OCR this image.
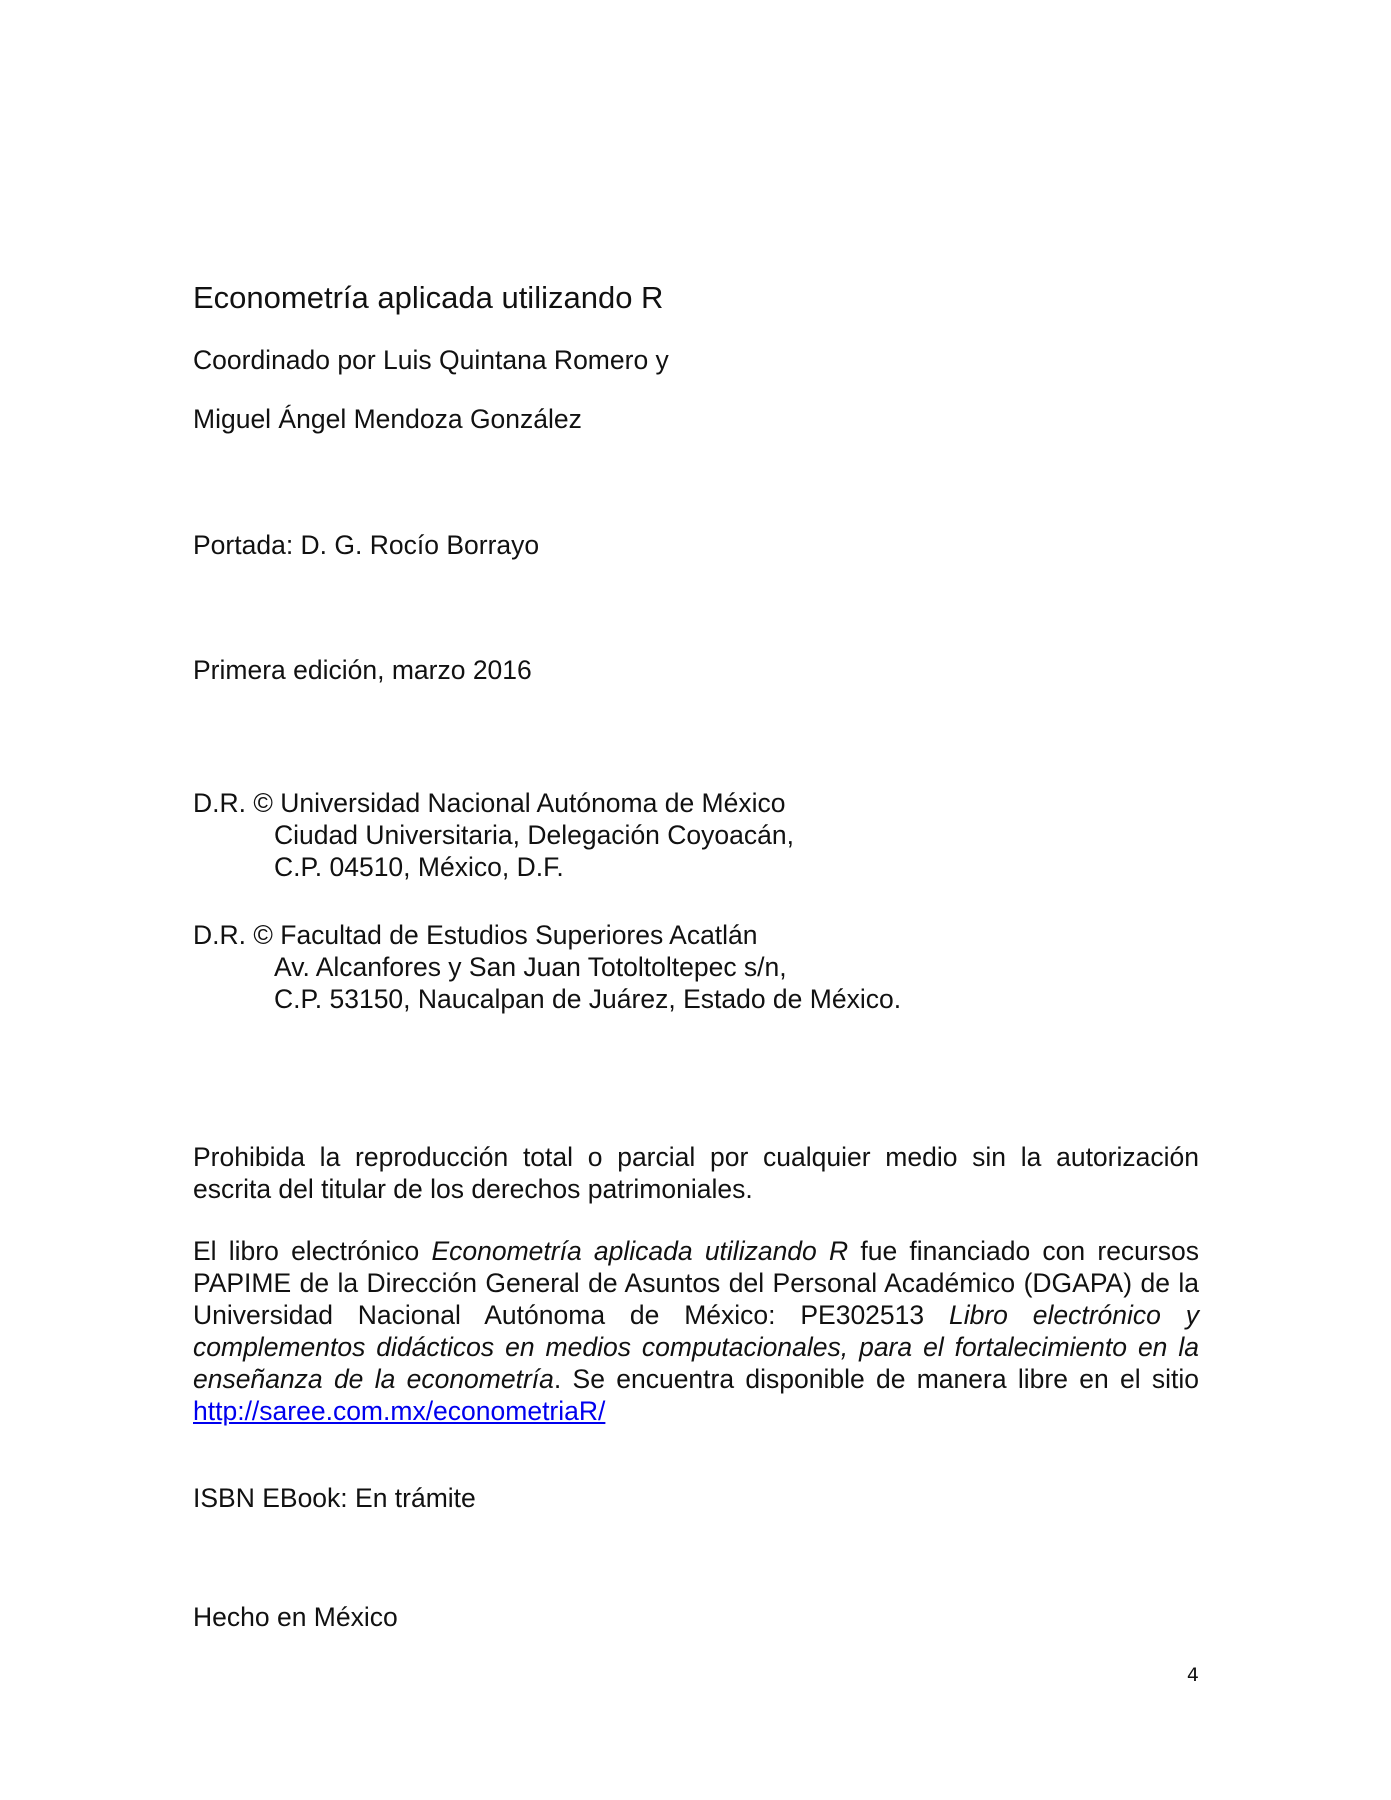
Econometría aplicada utilizando R
Coordinado por Luis Quintana Romero y
Miguel Ángel Mendoza González
Portada: D. G. Rocío Borrayo
Primera edición, marzo 2016
D.R. © Universidad Nacional Autónoma de México
Ciudad Universitaria, Delegación Coyoacán,
C.P. 04510, México, D.F.
D.R. © Facultad de Estudios Superiores Acatlán
Av. Alcanfores y San Juan Totoltoltepec s/n,
C.P. 53150, Naucalpan de Juárez, Estado de México.

Prohibida la reproducción total o parcial por cualquier medio sin la autorización escrita del titular de los derechos patrimoniales.

El libro electrónico Econometría aplicada utilizando R fue financiado con recursos PAPIME de la Dirección General de Asuntos del Personal Académico (DGAPA) de la Universidad Nacional Autónoma de México: PE302513 Libro electrónico y complementos didácticos en medios computacionales, para el fortalecimiento en la enseñanza de la econometría. Se encuentra disponible de manera libre en el sitio http://saree.com.mx/econometriaR/

ISBN EBook: En trámite
Hecho en México
4
